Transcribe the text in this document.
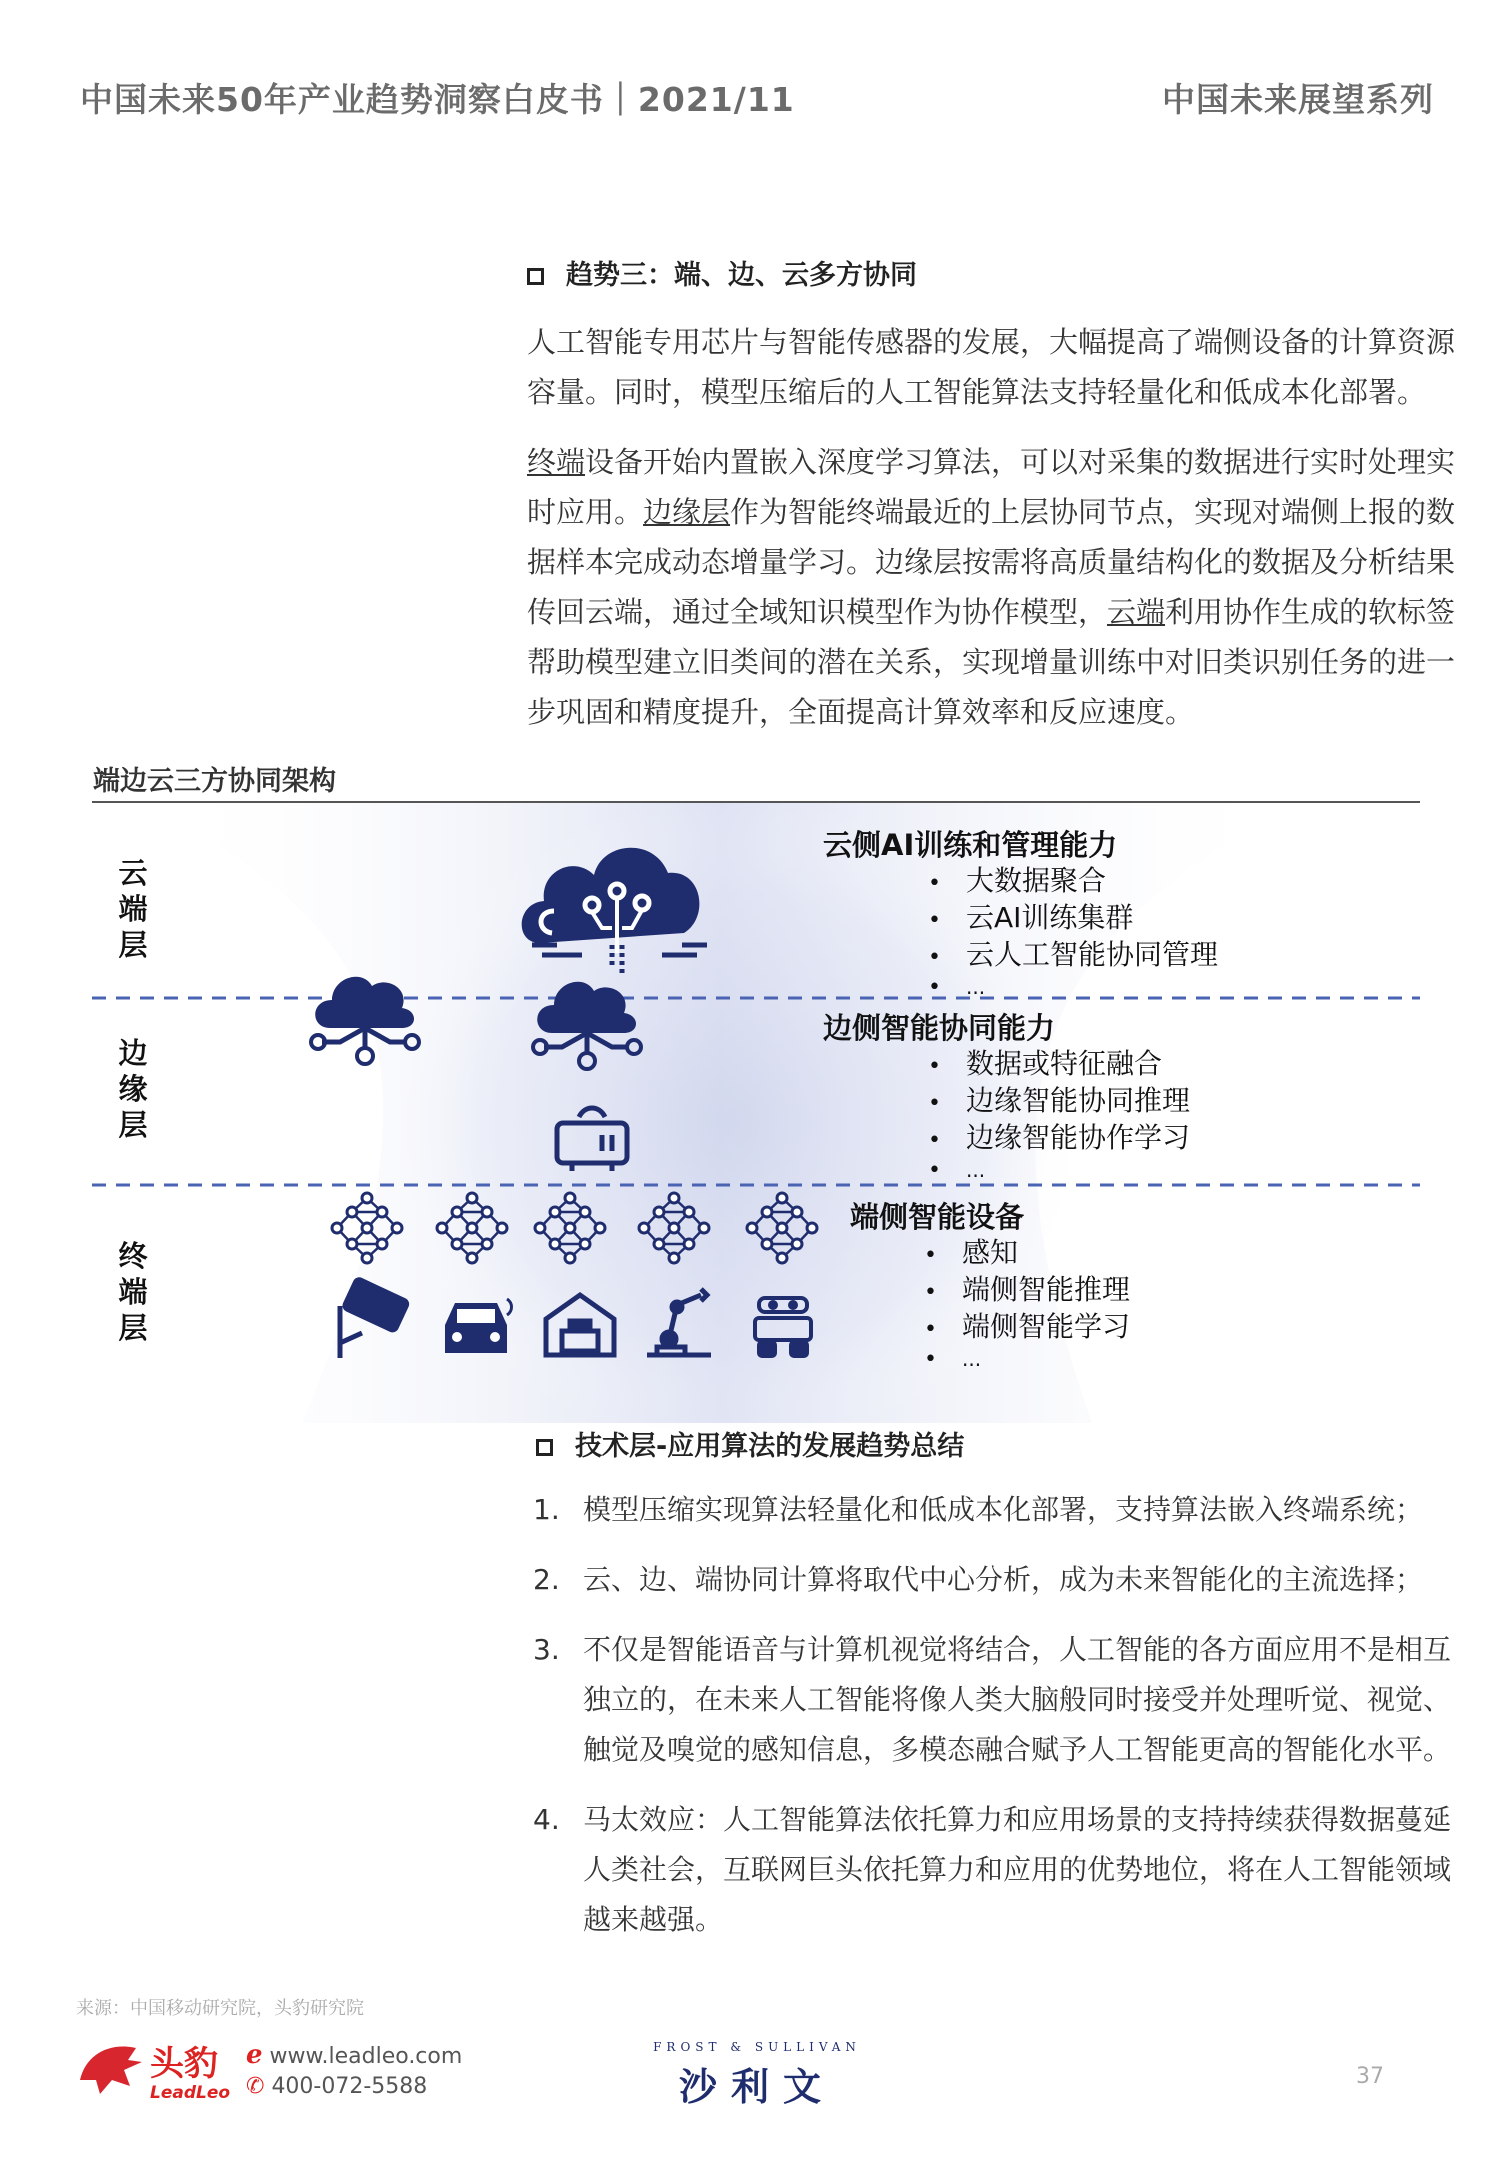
中国未来50年产业趋势洞察白皮书｜2021/11	中国未来展望系列
趋势三：端、边、云多方协同
人工智能专用芯片与智能传感器的发展，大幅提高了端侧设备的计算资源容量。同时，模型压缩后的人工智能算法支持轻量化和低成本化部署。
终端设备开始内置嵌入深度学习算法，可以对采集的数据进行实时处理实时应用。边缘层作为智能终端最近的上层协同节点，实现对端侧上报的数据样本完成动态增量学习。边缘层按需将高质量结构化的数据及分析结果传回云端，通过全域知识模型作为协作模型，云端利用协作生成的软标签帮助模型建立旧类间的潜在关系，实现增量训练中对旧类识别任务的进一步巩固和精度提升，全面提高计算效率和反应速度。
端边云三方协同架构
云
端
层
边
缘
层
终
端
层
云侧AI训练和管理能力
• 大数据聚合
• 云AI训练集群
• 云人工智能协同管理
• ...
边侧智能协同能力
• 数据或特征融合
• 边缘智能协同推理
• 边缘智能协作学习
• ...
端侧智能设备
• 感知
• 端侧智能推理
• 端侧智能学习
• ...
技术层-应用算法的发展趋势总结
1. 模型压缩实现算法轻量化和低成本化部署，支持算法嵌入终端系统；
2. 云、边、端协同计算将取代中心分析，成为未来智能化的主流选择；
3. 不仅是智能语音与计算机视觉将结合，人工智能的各方面应用不是相互独立的，在未来人工智能将像人类大脑般同时接受并处理听觉、视觉、触觉及嗅觉的感知信息，多模态融合赋予人工智能更高的智能化水平。
4. 马太效应：人工智能算法依托算力和应用场景的支持持续获得数据蔓延人类社会，互联网巨头依托算力和应用的优势地位，将在人工智能领域越来越强。
来源：中国移动研究院，头豹研究院
头豹
LeadLeo
ℯ www.leadleo.com
✆ 400-072-5588
FROST & SULLIVAN
沙利文	37
